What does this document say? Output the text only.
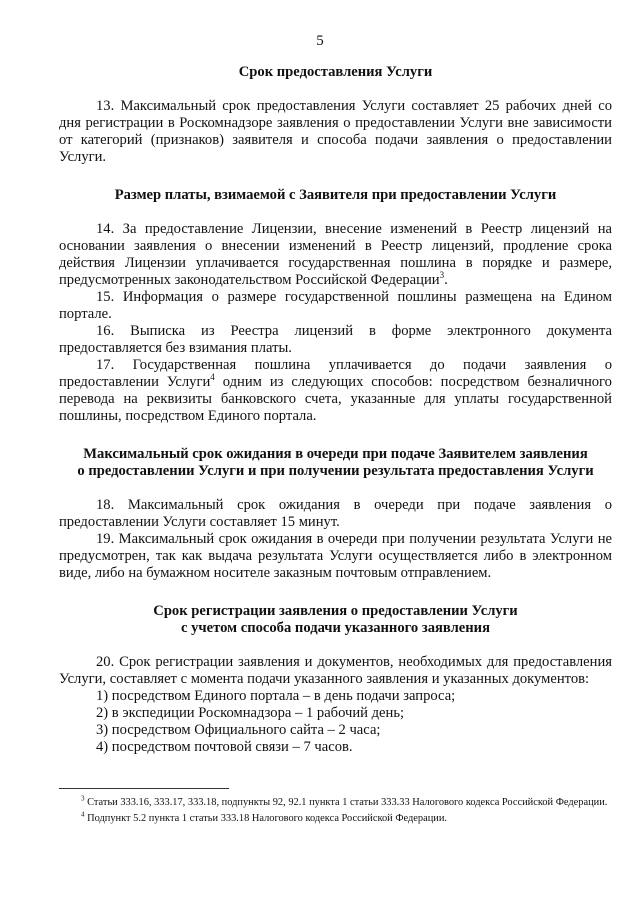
5

Срок предоставления Услуги

13. Максимальный срок предоставления Услуги составляет 25 рабочих дней со дня регистрации в Роскомнадзоре заявления о предоставлении Услуги вне зависимости от категорий (признаков) заявителя и способа подачи заявления о предоставлении Услуги.

Размер платы, взимаемой с Заявителя при предоставлении Услуги

14. За предоставление Лицензии, внесение изменений в Реестр лицензий на основании заявления о внесении изменений в Реестр лицензий, продление срока действия Лицензии уплачивается государственная пошлина в порядке и размере, предусмотренных законодательством Российской Федерации$^3$.

15. Информация о размере государственной пошлины размещена на Едином портале.

16. Выписка из Реестра лицензий в форме электронного документа предоставляется без взимания платы.

17. Государственная пошлина уплачивается до подачи заявления о предоставлении Услуги$^4$ одним из следующих способов: посредством безналичного перевода на реквизиты банковского счета, указанные для уплаты государственной пошлины, посредством Единого портала.

Максимальный срок ожидания в очереди при подаче Заявителем заявления

о предоставлении Услуги и при получении результата предоставления Услуги

18. Максимальный срок ожидания в очереди при подаче заявления о предоставлении Услуги составляет 15 минут.

19. Максимальный срок ожидания в очереди при получении результата Услуги не предусмотрен, так как выдача результата Услуги осуществляется либо в электронном виде, либо на бумажном носителе заказным почтовым отправлением.

Срок регистрации заявления о предоставлении Услуги

с учетом способа подачи указанного заявления

20. Срок регистрации заявления и документов, необходимых для предоставления Услуги, составляет с момента подачи указанного заявления и указанных документов:

1) посредством Единого портала – в день подачи запроса;

2) в экспедиции Роскомнадзора – 1 рабочий день;

3) посредством Официального сайта – 2 часа;

4) посредством почтовой связи – 7 часов.

$^3$ Статьи 333.16, 333.17, 333.18, подпункты 92, 92.1 пункта 1 статьи 333.33 Налогового кодекса Российской Федерации.

$^4$ Подпункт 5.2 пункта 1 статьи 333.18 Налогового кодекса Российской Федерации.
